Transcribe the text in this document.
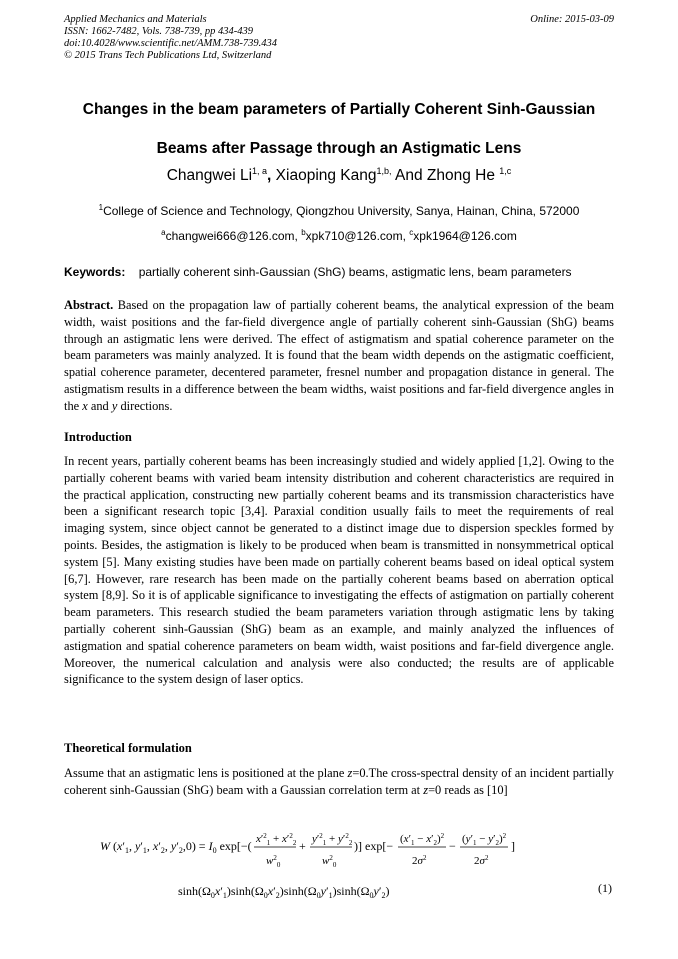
Applied Mechanics and Materials
ISSN: 1662-7482, Vols. 738-739, pp 434-439
doi:10.4028/www.scientific.net/AMM.738-739.434
© 2015 Trans Tech Publications Ltd, Switzerland
Online: 2015-03-09
Changes in the beam parameters of Partially Coherent Sinh-Gaussian
Beams after Passage through an Astigmatic Lens
Changwei Li$^{1, a}$, Xiaoping Kang$^{1,b,}$ And Zhong He $^{1,c}$
$^1$College of Science and Technology, Qiongzhou University, Sanya, Hainan, China, 572000
$^a$changwei666@126.com, $^b$xpk710@126.com, $^c$xpk1964@126.com
Keywords: partially coherent sinh-Gaussian (ShG) beams, astigmatic lens, beam parameters
Abstract. Based on the propagation law of partially coherent beams, the analytical expression of the beam width, waist positions and the far-field divergence angle of partially coherent sinh-Gaussian (ShG) beams through an astigmatic lens were derived. The effect of astigmatism and spatial coherence parameter on the beam parameters was mainly analyzed. It is found that the beam width depends on the astigmatic coefficient, spatial coherence parameter, decentered parameter, fresnel number and propagation distance in general. The astigmatism results in a difference between the beam widths, waist positions and far-field divergence angles in the x and y directions.
Introduction
In recent years, partially coherent beams has been increasingly studied and widely applied [1,2]. Owing to the partially coherent beams with varied beam intensity distribution and coherent characteristics are required in the practical application, constructing new partially coherent beams and its transmission characteristics have been a significant research topic [3,4]. Paraxial condition usually fails to meet the requirements of real imaging system, since object cannot be generated to a distinct image due to dispersion speckles formed by points. Besides, the astigmation is likely to be produced when beam is transmitted in nonsymmetrical optical system [5]. Many existing studies have been made on partially coherent beams based on ideal optical system [6,7]. However, rare research has been made on the partially coherent beams based on aberration optical system [8,9]. So it is of applicable significance to investigating the effects of astigmation on partially coherent beam parameters. This research studied the beam parameters variation through astigmatic lens by taking partially coherent sinh-Gaussian (ShG) beam as an example, and mainly analyzed the influences of astigmation and spatial coherence parameters on beam width, waist positions and far-field divergence angle. Moreover, the numerical calculation and analysis were also conducted; the results are of applicable significance to the system design of laser optics.
Theoretical formulation
Assume that an astigmatic lens is positioned at the plane z=0.The cross-spectral density of an incident partially coherent sinh-Gaussian (ShG) beam with a Gaussian correlation term at z=0 reads as [10]
W ($x'_1$, $y'_1$, $x'_2$, $y'_2,0) = I_0$ exp[−( $x'^2_1 + x'^2_2$
$w^2_0$
+ $y'^2_1 + y'^2_2$
$w^2_0$
)] $\exp[- (x'_1 - x'_2)^2$
$2\sigma^2$
− $(y'_1 - y'_2)^2$
$2\sigma^2$
]
$\sinh(\Omega_0x'_1)\sinh(\Omega_0x'_2)\sinh(\Omega_0y'_1)\sinh(\Omega_0y'_2)$	(1)
